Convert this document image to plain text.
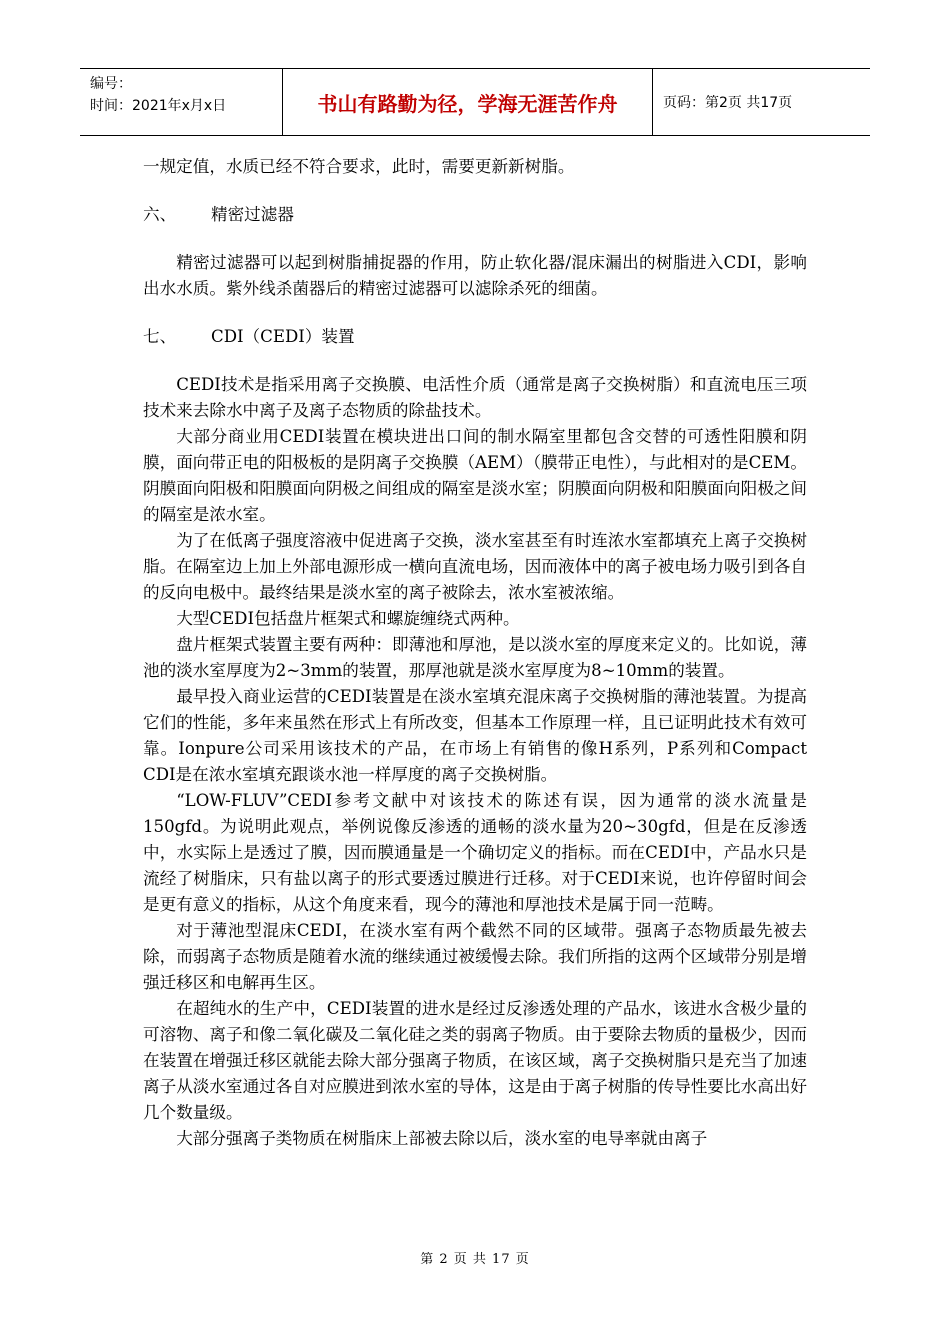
编号：
时间：2021年x月x日	书山有路勤为径，学海无涯苦作舟	页码：第2页 共17页

一规定值，水质已经不符合要求，此时，需要更新新树脂。

六、	精密过滤器

精密过滤器可以起到树脂捕捉器的作用，防止软化器/混床漏出的树脂进入CDI，影响出水水质。紫外线杀菌器后的精密过滤器可以滤除杀死的细菌。

七、	CDI（CEDI）装置

CEDI技术是指采用离子交换膜、电活性介质（通常是离子交换树脂）和直流电压三项技术来去除水中离子及离子态物质的除盐技术。

大部分商业用CEDI装置在模块进出口间的制水隔室里都包含交替的可透性阳膜和阴膜，面向带正电的阳极板的是阴离子交换膜（AEM）（膜带正电性），与此相对的是CEM。阴膜面向阳极和阳膜面向阴极之间组成的隔室是淡水室；阴膜面向阴极和阳膜面向阳极之间的隔室是浓水室。

为了在低离子强度溶液中促进离子交换，淡水室甚至有时连浓水室都填充上离子交换树脂。在隔室边上加上外部电源形成一横向直流电场，因而液体中的离子被电场力吸引到各自的反向电极中。最终结果是淡水室的离子被除去，浓水室被浓缩。

大型CEDI包括盘片框架式和螺旋缠绕式两种。

盘片框架式装置主要有两种：即薄池和厚池，是以淡水室的厚度来定义的。比如说，薄池的淡水室厚度为2~3mm的装置，那厚池就是淡水室厚度为8~10mm的装置。

最早投入商业运营的CEDI装置是在淡水室填充混床离子交换树脂的薄池装置。为提高它们的性能，多年来虽然在形式上有所改变，但基本工作原理一样，且已证明此技术有效可靠。Ionpure公司采用该技术的产品，在市场上有销售的像H系列，P系列和Compact CDI是在浓水室填充跟谈水池一样厚度的离子交换树脂。

“LOW-FLUV”CEDI参考文献中对该技术的陈述有误，因为通常的淡水流量是150gfd。为说明此观点，举例说像反渗透的通畅的淡水量为20~30gfd，但是在反渗透中，水实际上是透过了膜，因而膜通量是一个确切定义的指标。而在CEDI中，产品水只是流经了树脂床，只有盐以离子的形式要透过膜进行迁移。对于CEDI来说，也许停留时间会是更有意义的指标，从这个角度来看，现今的薄池和厚池技术是属于同一范畴。

对于薄池型混床CEDI，在淡水室有两个截然不同的区域带。强离子态物质最先被去除，而弱离子态物质是随着水流的继续通过被缓慢去除。我们所指的这两个区域带分别是增强迁移区和电解再生区。

在超纯水的生产中，CEDI装置的进水是经过反渗透处理的产品水，该进水含极少量的可溶物、离子和像二氧化碳及二氧化硅之类的弱离子物质。由于要除去物质的量极少，因而在装置在增强迁移区就能去除大部分强离子物质，在该区域，离子交换树脂只是充当了加速离子从淡水室通过各自对应膜进到浓水室的导体，这是由于离子树脂的传导性要比水高出好几个数量级。

大部分强离子类物质在树脂床上部被去除以后，淡水室的电导率就由离子

第 2 页 共 17 页
